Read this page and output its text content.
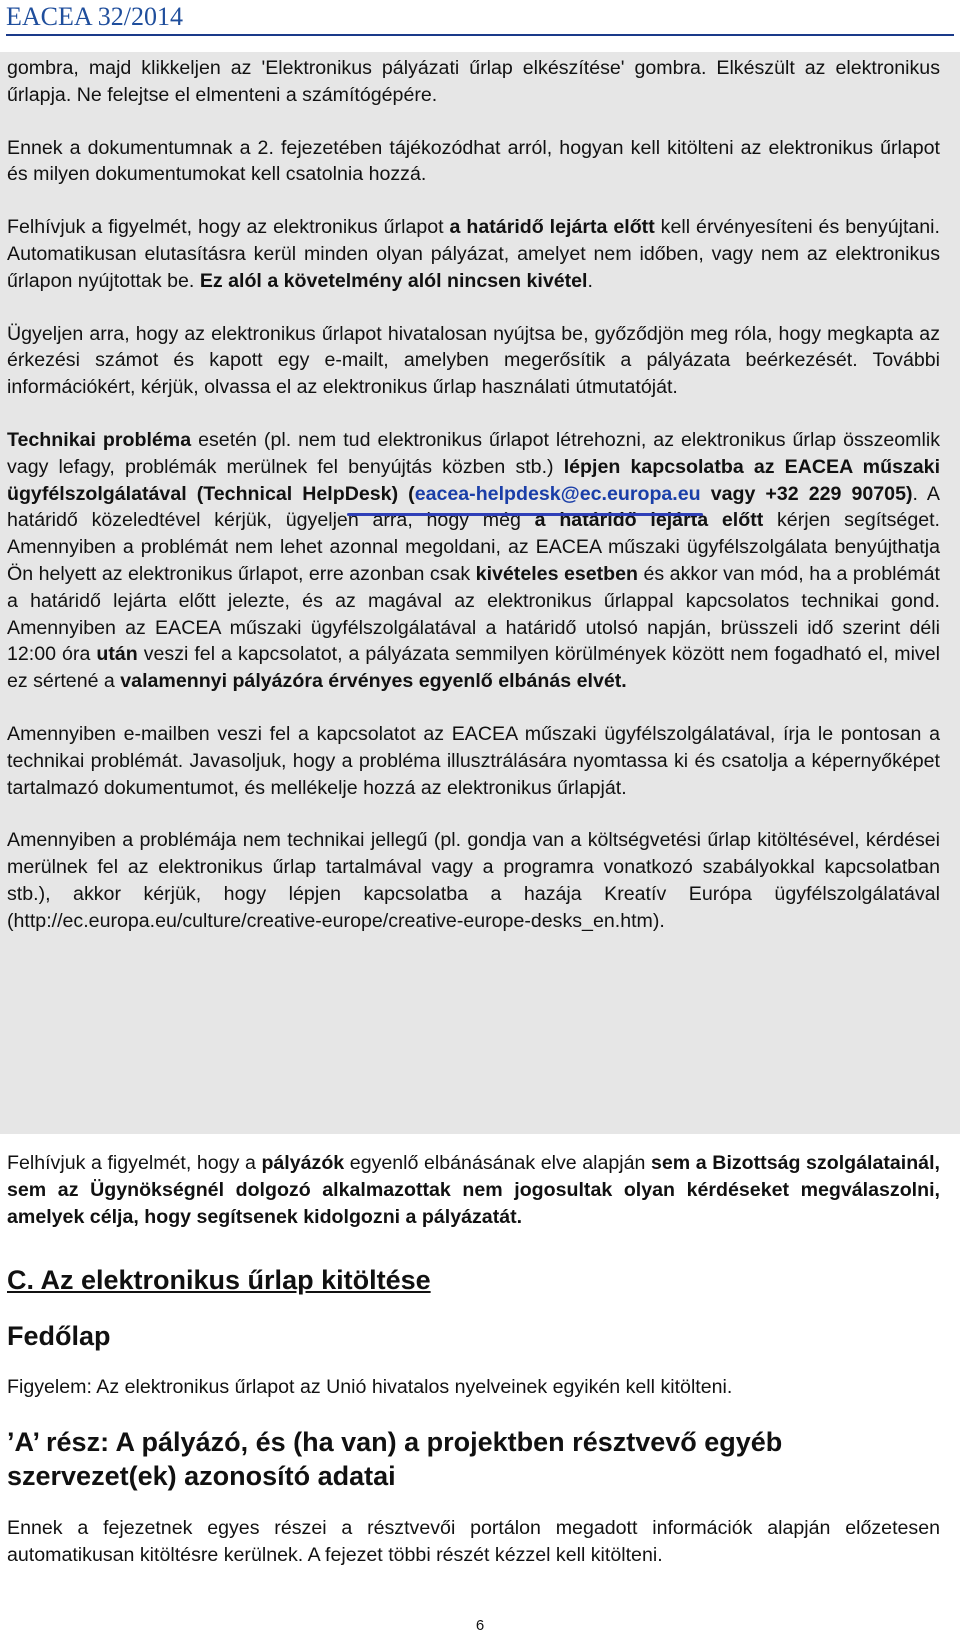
EACEA 32/2014

gombra, majd klikkeljen az 'Elektronikus pályázati űrlap elkészítése' gombra. Elkészült az elektronikus űrlapja. Ne felejtse el elmenteni a számítógépére.

Ennek a dokumentumnak a 2. fejezetében tájékozódhat arról, hogyan kell kitölteni az elektronikus űrlapot és milyen dokumentumokat kell csatolnia hozzá.

Felhívjuk a figyelmét, hogy az elektronikus űrlapot a határidő lejárta előtt kell érvényesíteni és benyújtani. Automatikusan elutasításra kerül minden olyan pályázat, amelyet nem időben, vagy nem az elektronikus űrlapon nyújtottak be. Ez alól a követelmény alól nincsen kivétel.

Ügyeljen arra, hogy az elektronikus űrlapot hivatalosan nyújtsa be, győződjön meg róla, hogy megkapta az érkezési számot és kapott egy e-mailt, amelyben megerősítik a pályázata beérkezését. További információkért, kérjük, olvassa el az elektronikus űrlap használati útmutatóját.

Technikai probléma esetén (pl. nem tud elektronikus űrlapot létrehozni, az elektronikus űrlap összeomlik vagy lefagy, problémák merülnek fel benyújtás közben stb.) lépjen kapcsolatba az EACEA műszaki ügyfélszolgálatával (Technical HelpDesk) (eacea-helpdesk@ec.europa.eu vagy +32 229 90705). A határidő közeledtével kérjük, ügyeljen arra, hogy még a határidő lejárta előtt kérjen segítséget. Amennyiben a problémát nem lehet azonnal megoldani, az EACEA műszaki ügyfélszolgálata benyújthatja Ön helyett az elektronikus űrlapot, erre azonban csak kivételes esetben és akkor van mód, ha a problémát a határidő lejárta előtt jelezte, és az magával az elektronikus űrlappal kapcsolatos technikai gond. Amennyiben az EACEA műszaki ügyfélszolgálatával a határidő utolsó napján, brüsszeli idő szerint déli 12:00 óra után veszi fel a kapcsolatot, a pályázata semmilyen körülmények között nem fogadható el, mivel ez sértené a valamennyi pályázóra érvényes egyenlő elbánás elvét.

Amennyiben e-mailben veszi fel a kapcsolatot az EACEA műszaki ügyfélszolgálatával, írja le pontosan a technikai problémát. Javasoljuk, hogy a probléma illusztrálására nyomtassa ki és csatolja a képernyőképet tartalmazó dokumentumot, és mellékelje hozzá az elektronikus űrlapját.

Amennyiben a problémája nem technikai jellegű (pl. gondja van a költségvetési űrlap kitöltésével, kérdései merülnek fel az elektronikus űrlap tartalmával vagy a programra vonatkozó szabályokkal kapcsolatban stb.), akkor kérjük, hogy lépjen kapcsolatba a hazája Kreatív Európa ügyfélszolgálatával (http://ec.europa.eu/culture/creative-europe/creative-europe-desks_en.htm).

Felhívjuk a figyelmét, hogy a pályázók egyenlő elbánásának elve alapján sem a Bizottság szolgálatainál, sem az Ügynökségnél dolgozó alkalmazottak nem jogosultak olyan kérdéseket megválaszolni, amelyek célja, hogy segítsenek kidolgozni a pályázatát.

C. Az elektronikus űrlap kitöltése
Fedőlap

Figyelem: Az elektronikus űrlapot az Unió hivatalos nyelveinek egyikén kell kitölteni.

’A’ rész: A pályázó, és (ha van) a projektben résztvevő egyéb szervezet(ek) azonosító adatai

Ennek a fejezetnek egyes részei a résztvevői portálon megadott információk alapján előzetesen automatikusan kitöltésre kerülnek. A fejezet többi részét kézzel kell kitölteni.

6
